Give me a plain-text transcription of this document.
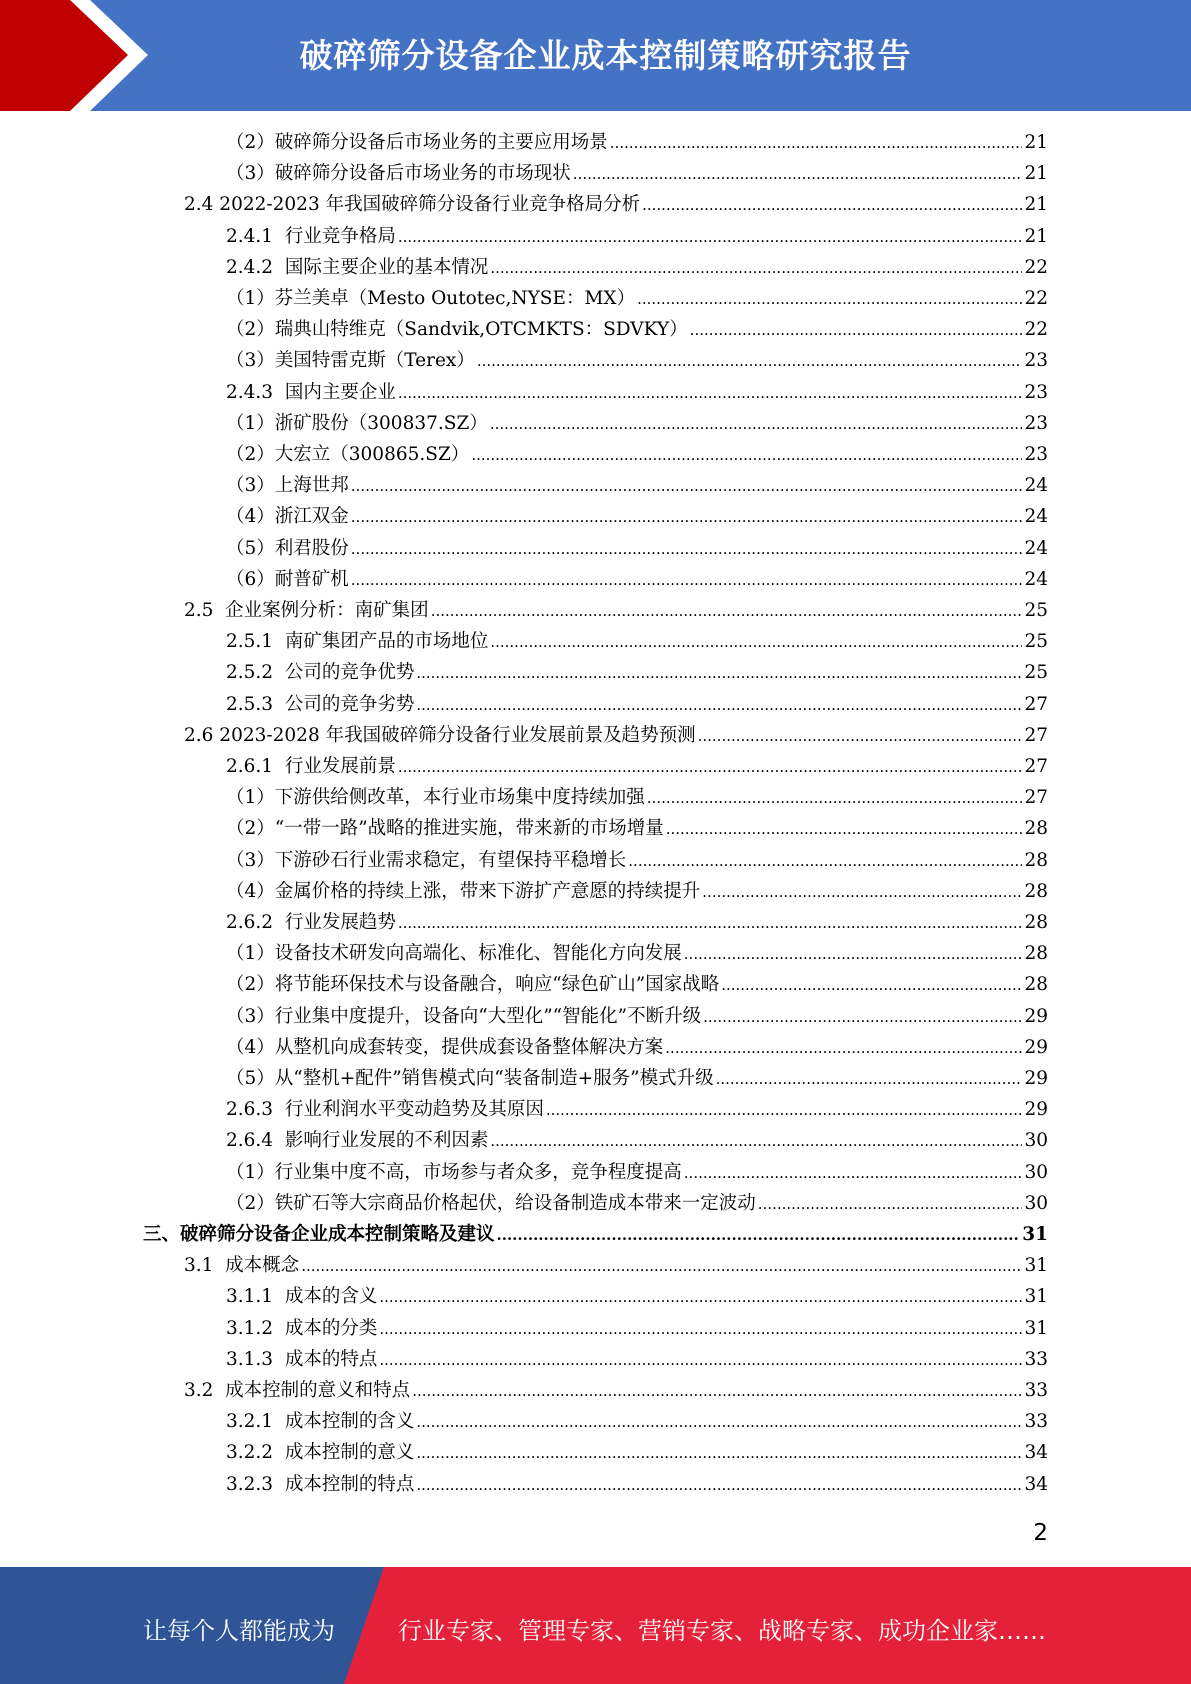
破碎筛分设备企业成本控制策略研究报告
（2）破碎筛分设备后市场业务的主要应用场景 .....	21
（3）破碎筛分设备后市场业务的市场现状 .....	21
2.4 2022-2023 年我国破碎筛分设备行业竞争格局分析 .....	21
2.4.1  行业竞争格局 .....	21
2.4.2  国际主要企业的基本情况 .....	22
（1）芬兰美卓（Mesto Outotec,NYSE：MX） .....	22
（2）瑞典山特维克（Sandvik,OTCMKTS：SDVKY） .....	22
（3）美国特雷克斯（Terex） .....	23
2.4.3  国内主要企业 .....	23
（1）浙矿股份（300837.SZ） .....	23
（2）大宏立（300865.SZ） .....	23
（3）上海世邦 .....	24
（4）浙江双金 .....	24
（5）利君股份 .....	24
（6）耐普矿机 .....	24
2.5  企业案例分析：南矿集团 .....	25
2.5.1  南矿集团产品的市场地位 .....	25
2.5.2  公司的竞争优势 .....	25
2.5.3  公司的竞争劣势 .....	27
2.6 2023-2028 年我国破碎筛分设备行业发展前景及趋势预测 .....	27
2.6.1  行业发展前景 .....	27
（1）下游供给侧改革，本行业市场集中度持续加强 .....	27
（2）“一带一路”战略的推进实施，带来新的市场增量 .....	28
（3）下游砂石行业需求稳定，有望保持平稳增长 .....	28
（4）金属价格的持续上涨，带来下游扩产意愿的持续提升 .....	28
2.6.2  行业发展趋势 .....	28
（1）设备技术研发向高端化、标准化、智能化方向发展 .....	28
（2）将节能环保技术与设备融合，响应“绿色矿山”国家战略 .....	28
（3）行业集中度提升，设备向“大型化”“智能化”不断升级 .....	29
（4）从整机向成套转变，提供成套设备整体解决方案 .....	29
（5）从“整机+配件”销售模式向“装备制造+服务”模式升级 .....	29
2.6.3  行业利润水平变动趋势及其原因 .....	29
2.6.4  影响行业发展的不利因素 .....	30
（1）行业集中度不高，市场参与者众多，竞争程度提高 .....	30
（2）铁矿石等大宗商品价格起伏，给设备制造成本带来一定波动 .....	30
三、破碎筛分设备企业成本控制策略及建议 .....	31
3.1  成本概念 .....	31
3.1.1  成本的含义 .....	31
3.1.2  成本的分类 .....	31
3.1.3  成本的特点 .....	33
3.2  成本控制的意义和特点 .....	33
3.2.1  成本控制的含义 .....	33
3.2.2  成本控制的意义 .....	34
3.2.3  成本控制的特点 .....	34
2
让每个人都能成为	行业专家、管理专家、营销专家、战略专家、成功企业家……
